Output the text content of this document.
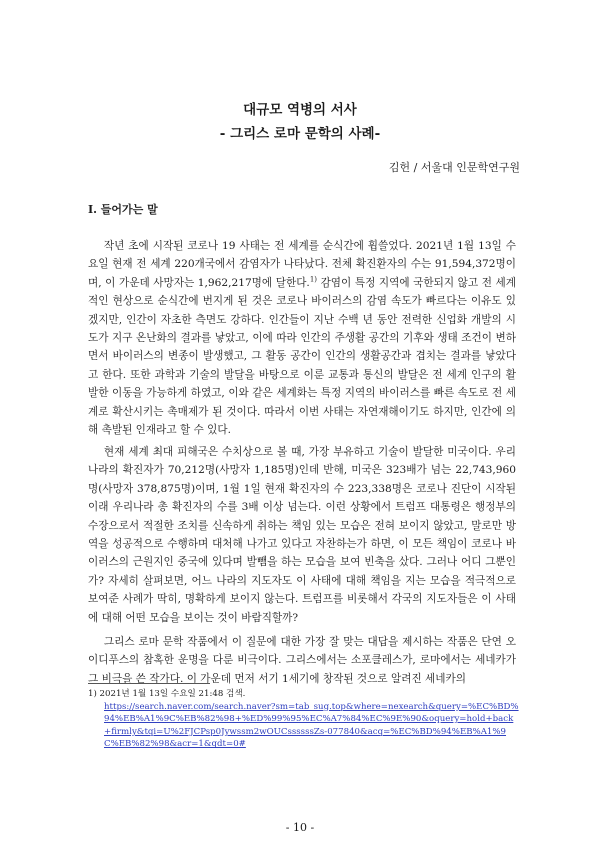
대규모 역병의 서사
- 그리스 로마 문학의 사례-
김헌 / 서울대 인문학연구원
I. 들어가는 말

작년 초에 시작된 코로나 19 사태는 전 세계를 순식간에 휩쓸었다. 2021년 1월 13일 수요일 현재 전 세계 220개국에서 감염자가 나타났다. 전체 확진환자의 수는 91,594,372명이며, 이 가운데 사망자는 1,962,217명에 달한다.$^{1)}$ 감염이 특정 지역에 국한되지 않고 전 세계적인 현상으로 순식간에 번지게 된 것은 코로나 바이러스의 감염 속도가 빠르다는 이유도 있겠지만, 인간이 자초한 측면도 강하다. 인간들이 지난 수백 년 동안 전력한 신업화 개발의 시도가 지구 온난화의 결과를 낳았고, 이에 따라 인간의 주생활 공간의 기후와 생태 조건이 변하면서 바이러스의 변종이 발생했고, 그 활동 공간이 인간의 생활공간과 겹치는 결과를 낳았다고 한다. 또한 과학과 기술의 발달을 바탕으로 이룬 교통과 통신의 발달은 전 세계 인구의 활발한 이동을 가능하게 하였고, 이와 같은 세계화는 특정 지역의 바이러스를 빠른 속도로 전 세계로 확산시키는 촉매제가 된 것이다. 따라서 이번 사태는 자연재해이기도 하지만, 인간에 의해 촉발된 인재라고 할 수 있다.

현재 세계 최대 피해국은 수치상으로 볼 때, 가장 부유하고 기술이 발달한 미국이다. 우리나라의 확진자가 70,212명(사망자 1,185명)인데 반해, 미국은 323배가 넘는 22,743,960명(사망자 378,875명)이며, 1월 1일 현재 확진자의 수 223,338명은 코로나 진단이 시작된 이래 우리나라 총 확진자의 수를 3배 이상 넘는다. 이런 상황에서 트럼프 대통령은 행정부의 수장으로서 적절한 조치를 신속하게 취하는 책임 있는 모습은 전혀 보이지 않았고, 말로만 방역을 성공적으로 수행하며 대처해 나가고 있다고 자찬하는가 하면, 이 모든 책임이 코로나 바이러스의 근원지인 중국에 있다며 발뺌을 하는 모습을 보여 빈축을 샀다. 그러나 어디 그뿐인가? 자세히 살펴보면, 어느 나라의 지도자도 이 사태에 대해 책임을 지는 모습을 적극적으로 보여준 사례가 딱히, 명확하게 보이지 않는다. 트럼프를 비롯해서 각국의 지도자들은 이 사태에 대해 어떤 모습을 보이는 것이 바람직할까?

그리스 로마 문학 작품에서 이 질문에 대한 가장 잘 맞는 대답을 제시하는 작품은 단연 오이디푸스의 참혹한 운명을 다룬 비극이다. 그리스에서는 소포클레스가, 로마에서는 세네카가 그 비극을 쓴 작가다. 이 가운데 먼저 서기 1세기에 창작된 것으로 알려진 세네카의

1) 2021년 1월 13일 수요일 21:48 검색.
https://search.naver.com/search.naver?sm=tab_sug.top&where=nexearch&query=%EC%BD%94%EB%A1%9C%EB%82%98+%ED%99%95%EC%A7%84%EC%9E%90&oquery=hold+back+firmly&tqi=U%2FJCPsp0Jywssm2wOUCssssssZs-077840&acq=%EC%BD%94%EB%A1%9C%EB%82%98&acr=1&qdt=0#
- 10 -
